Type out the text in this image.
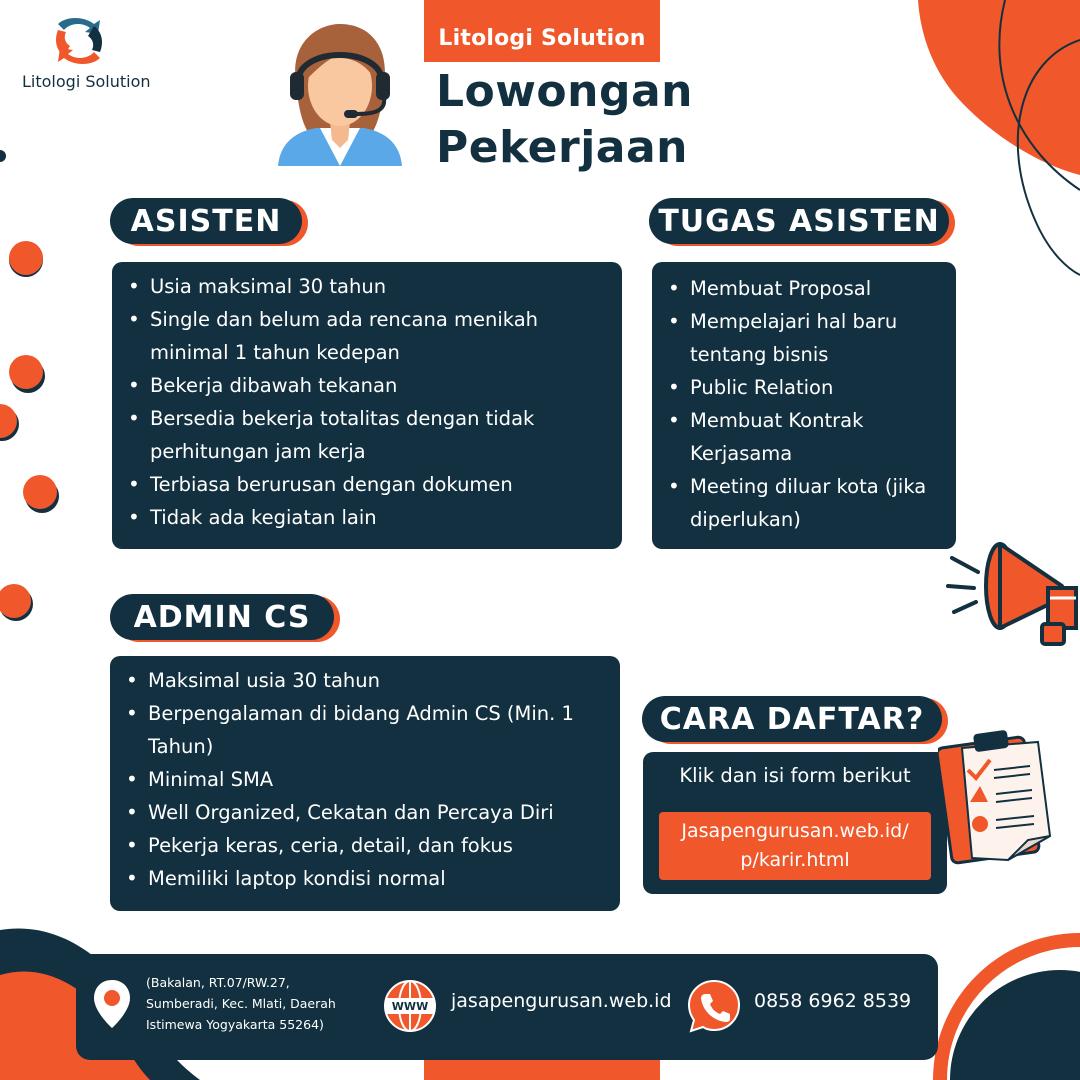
Litologi Solution
Litologi Solution
Lowongan
Pekerjaan
ASISTEN
• Usia maksimal 30 tahun
• Single dan belum ada rencana menikah minimal 1 tahun kedepan
• Bekerja dibawah tekanan
• Bersedia bekerja totalitas dengan tidak perhitungan jam kerja
• Terbiasa berurusan dengan dokumen
• Tidak ada kegiatan lain
TUGAS ASISTEN
• Membuat Proposal
• Mempelajari hal baru tentang bisnis
• Public Relation
• Membuat Kontrak Kerjasama
• Meeting diluar kota (jika diperlukan)
ADMIN CS
• Maksimal usia 30 tahun
• Berpengalaman di bidang Admin CS (Min. 1 Tahun)
• Minimal SMA
• Well Organized, Cekatan dan Percaya Diri
• Pekerja keras, ceria, detail, dan fokus
• Memiliki laptop kondisi normal
CARA DAFTAR?
Klik dan isi form berikut
Jasapengurusan.web.id/
p/karir.html
(Bakalan, RT.07/RW.27,
Sumberadi, Kec. Mlati, Daerah
Istimewa Yogyakarta 55264)
WWW jasapengurusan.web.id	0858 6962 8539
